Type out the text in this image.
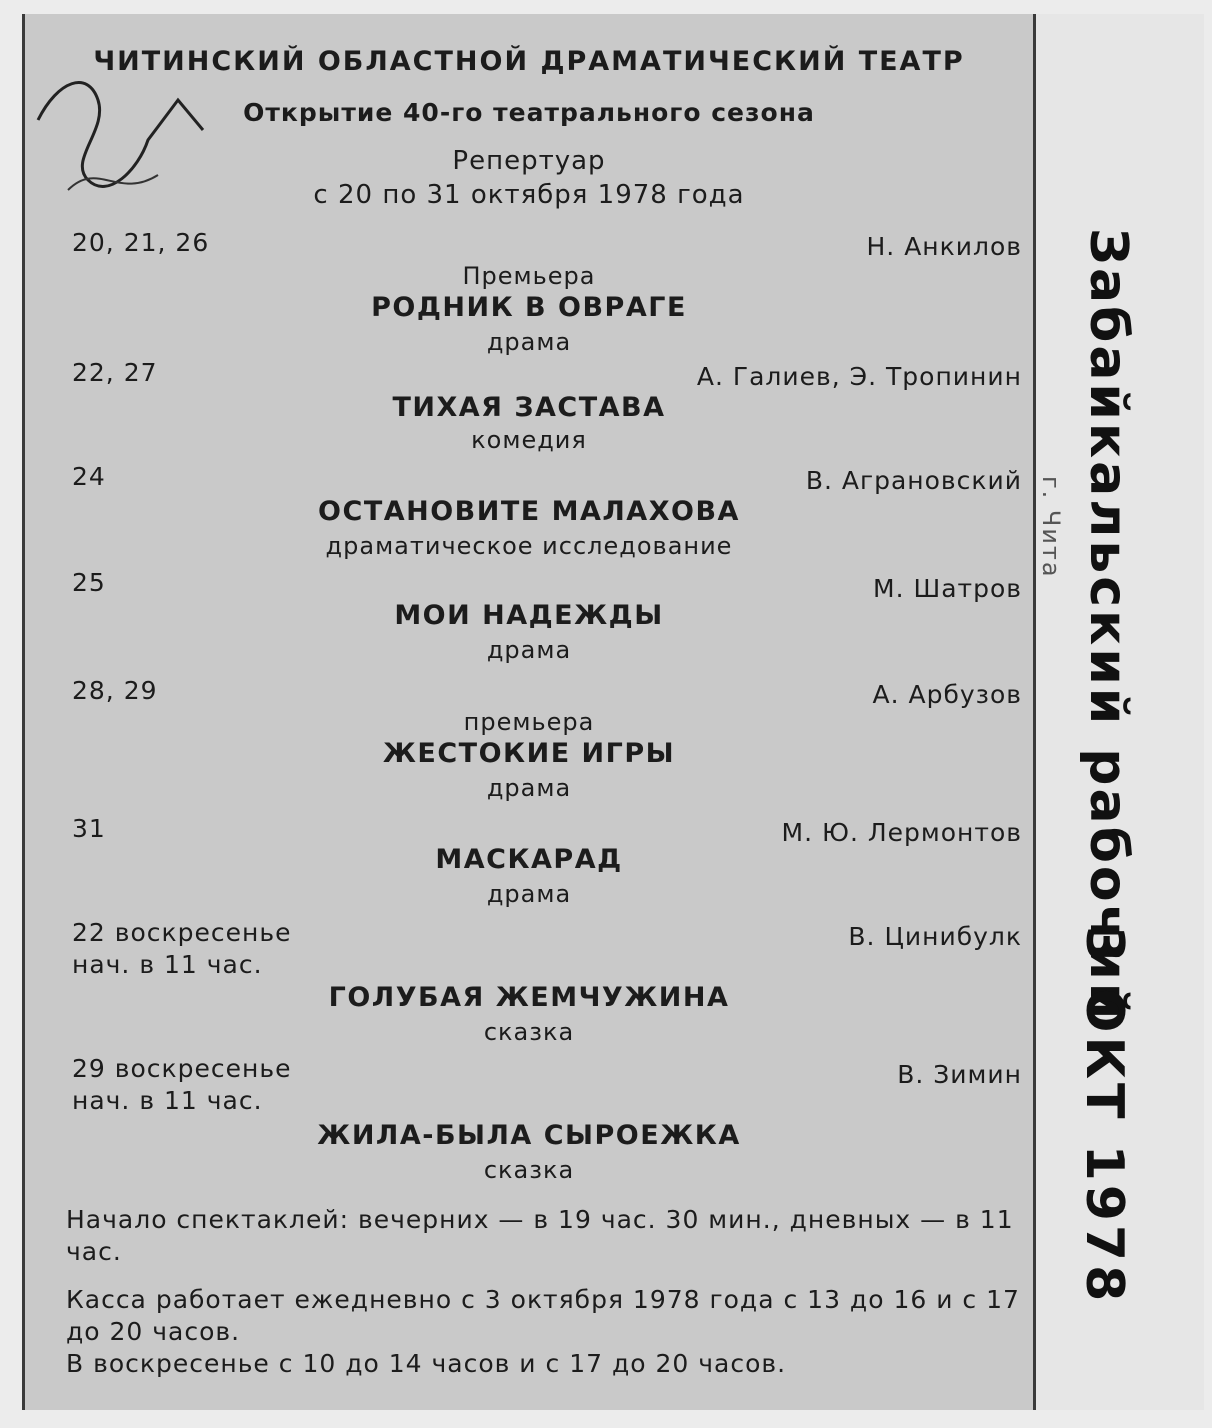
ЧИТИНСКИЙ ОБЛАСТНОЙ ДРАМАТИЧЕСКИЙ ТЕАТР
Открытие 40-го театрального сезона
Репертуар
с 20 по 31 октября 1978 года
20, 21, 26	Н. Анкилов
Премьера
РОДНИК В ОВРАГЕ
драма
22, 27	А. Галиев, Э. Тропинин
ТИХАЯ ЗАСТАВА
комедия
24	В. Аграновский
ОСТАНОВИТЕ МАЛАХОВА
драматическое исследование
25	М. Шатров
МОИ НАДЕЖДЫ
драма
28, 29	А. Арбузов
премьера
ЖЕСТОКИЕ ИГРЫ
драма
31	М. Ю. Лермонтов
МАСКАРАД
драма
22 воскресенье
нач. в 11 час.
В. Цинибулк
ГОЛУБАЯ ЖЕМЧУЖИНА
сказка
29 воскресенье
нач. в 11 час.
В. Зимин
ЖИЛА-БЫЛА СЫРОЕЖКА
сказка
Начало спектаклей: вечерних — в 19 час. 30 мин., дневных — в 11 час.
Касса работает ежедневно с 3 октября 1978 года с 13 до 16 и с 17 до 20 часов.
В воскресенье с 10 до 14 часов и с 17 до 20 часов.
Забайкальский рабочий
г. Чита
3 ОКТ 1978
